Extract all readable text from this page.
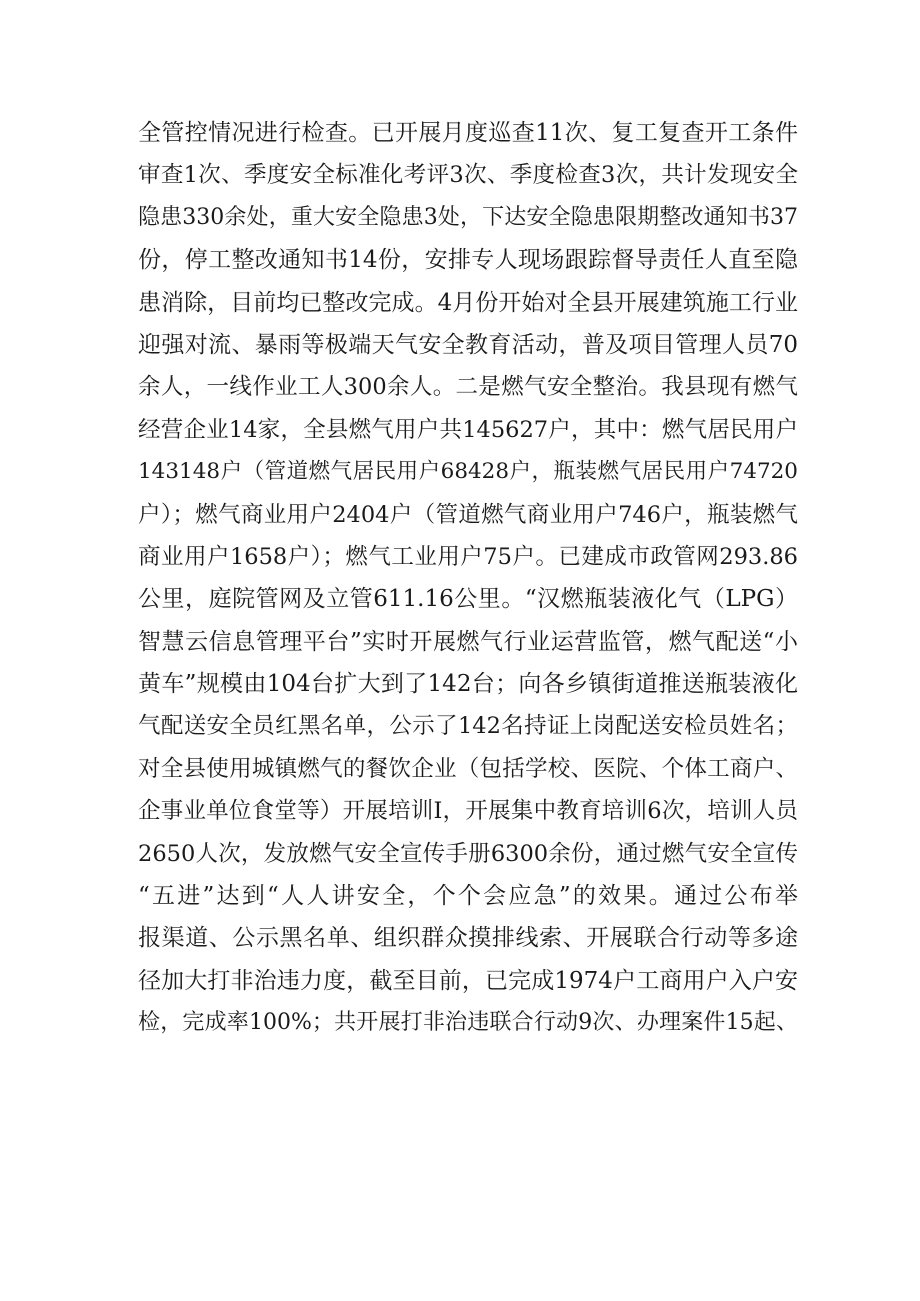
全管控情况进行检查。已开展月度巡查11次、复工复查开工条件
审查1次、季度安全标准化考评3次、季度检查3次，共计发现安全
隐患330余处，重大安全隐患3处，下达安全隐患限期整改通知书37
份，停工整改通知书14份，安排专人现场跟踪督导责任人直至隐
患消除，目前均已整改完成。4月份开始对全县开展建筑施工行业
迎强对流、暴雨等极端天气安全教育活动，普及项目管理人员70
余人，一线作业工人300余人。二是燃气安全整治。我县现有燃气
经营企业14家，全县燃气用户共145627户，其中：燃气居民用户
143148户（管道燃气居民用户68428户，瓶装燃气居民用户74720
户）；燃气商业用户2404户（管道燃气商业用户746户，瓶装燃气
商业用户1658户）；燃气工业用户75户。已建成市政管网293.86
公里，庭院管网及立管611.16公里。“汉燃瓶装液化气（LPG）
智慧云信息管理平台”实时开展燃气行业运营监管，燃气配送“小
黄车”规模由104台扩大到了142台；向各乡镇街道推送瓶装液化
气配送安全员红黑名单，公示了142名持证上岗配送安检员姓名；
对全县使用城镇燃气的餐饮企业（包括学校、医院、个体工商户、
企事业单位食堂等）开展培训I，开展集中教育培训6次，培训人员
2650人次，发放燃气安全宣传手册6300余份，通过燃气安全宣传
“五进”达到“人人讲安全，个个会应急”的效果。通过公布举
报渠道、公示黑名单、组织群众摸排线索、开展联合行动等多途
径加大打非治违力度，截至目前，已完成1974户工商用户入户安
检，完成率100%；共开展打非治违联合行动9次、办理案件15起、
